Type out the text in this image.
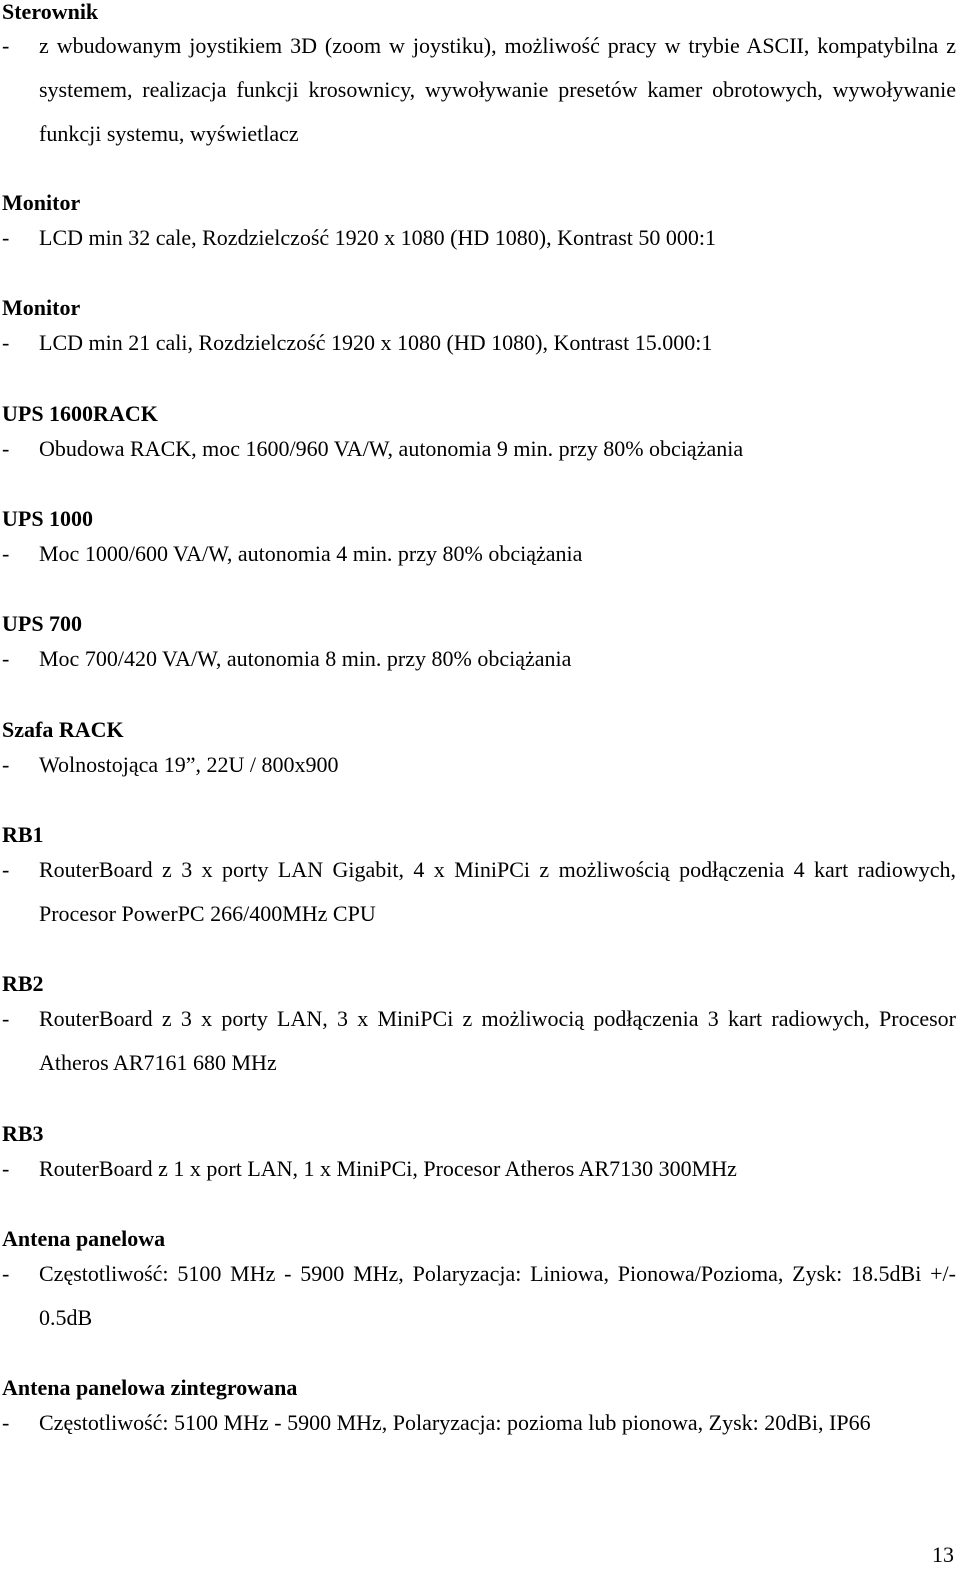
Sterownik
- z wbudowanym joystikiem 3D (zoom w joystiku), możliwość pracy w trybie ASCII, kompatybilna z systemem, realizacja funkcji krosownicy, wywoływanie presetów kamer obrotowych, wywoływanie funkcji systemu, wyświetlacz
Monitor
- LCD min 32 cale, Rozdzielczość 1920 x 1080 (HD 1080), Kontrast 50 000:1
Monitor
- LCD min 21 cali, Rozdzielczość 1920 x 1080 (HD 1080), Kontrast 15.000:1
UPS 1600RACK
- Obudowa RACK, moc 1600/960 VA/W, autonomia 9 min. przy 80% obciążania
UPS 1000
- Moc 1000/600 VA/W, autonomia 4 min. przy 80% obciążania
UPS 700
- Moc 700/420 VA/W, autonomia 8 min. przy 80% obciążania
Szafa RACK
- Wolnostojąca 19”, 22U / 800x900
RB1
- RouterBoard z 3 x porty LAN Gigabit, 4 x MiniPCi z możliwością podłączenia 4 kart radiowych, Procesor PowerPC 266/400MHz CPU
RB2
- RouterBoard z 3 x porty LAN, 3 x MiniPCi z możliwocią podłączenia 3 kart radiowych, Procesor Atheros AR7161 680 MHz
RB3
- RouterBoard z 1 x port LAN, 1 x MiniPCi, Procesor Atheros AR7130 300MHz
Antena panelowa
- Częstotliwość: 5100 MHz - 5900 MHz, Polaryzacja: Liniowa, Pionowa/Pozioma, Zysk: 18.5dBi +/- 0.5dB
Antena panelowa zintegrowana
- Częstotliwość: 5100 MHz - 5900 MHz, Polaryzacja: pozioma lub pionowa, Zysk: 20dBi, IP66
13
